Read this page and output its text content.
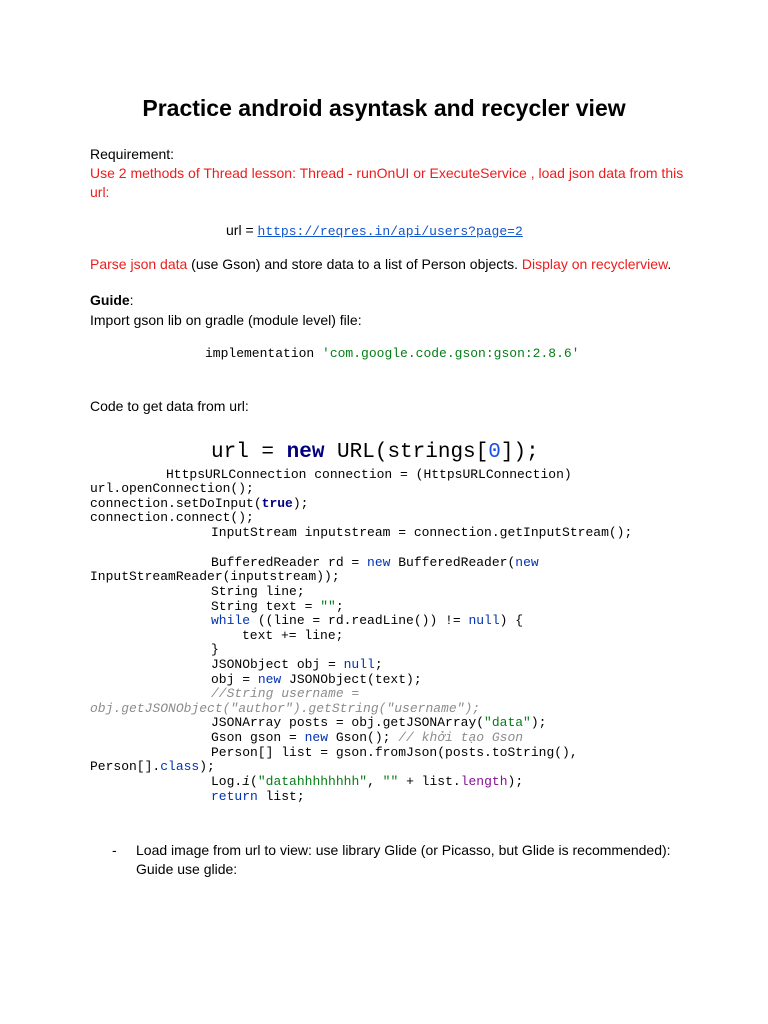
Practice android asyntask and recycler view
Requirement:
Use 2 methods of Thread lesson: Thread - runOnUI or ExecuteService , load json data from this
url:
url = https://reqres.in/api/users?page=2
Parse json data (use Gson) and store data to a list of Person objects. Display on recyclerview.
Guide:
Import gson lib on gradle (module level) file:
implementation 'com.google.code.gson:gson:2.8.6'
Code to get data from url:
url = new URL(strings[0]);
HttpsURLConnection connection = (HttpsURLConnection)
url.openConnection();
connection.setDoInput(true);
connection.connect();
InputStream inputstream = connection.getInputStream();
BufferedReader rd = new BufferedReader(new
InputStreamReader(inputstream));
String line;
String text = "";
while ((line = rd.readLine()) != null) {
text += line;
}
JSONObject obj = null;
obj = new JSONObject(text);
//String username =
obj.getJSONObject("author").getString("username");
JSONArray posts = obj.getJSONArray("data");
Gson gson = new Gson(); // khởi tạo Gson
Person[] list = gson.fromJson(posts.toString(),
Person[].class);
Log.i("datahhhhhhhh", "" + list.length);
return list;
- Load image from url to view: use library Glide (or Picasso, but Glide is recommended):
Guide use glide:
